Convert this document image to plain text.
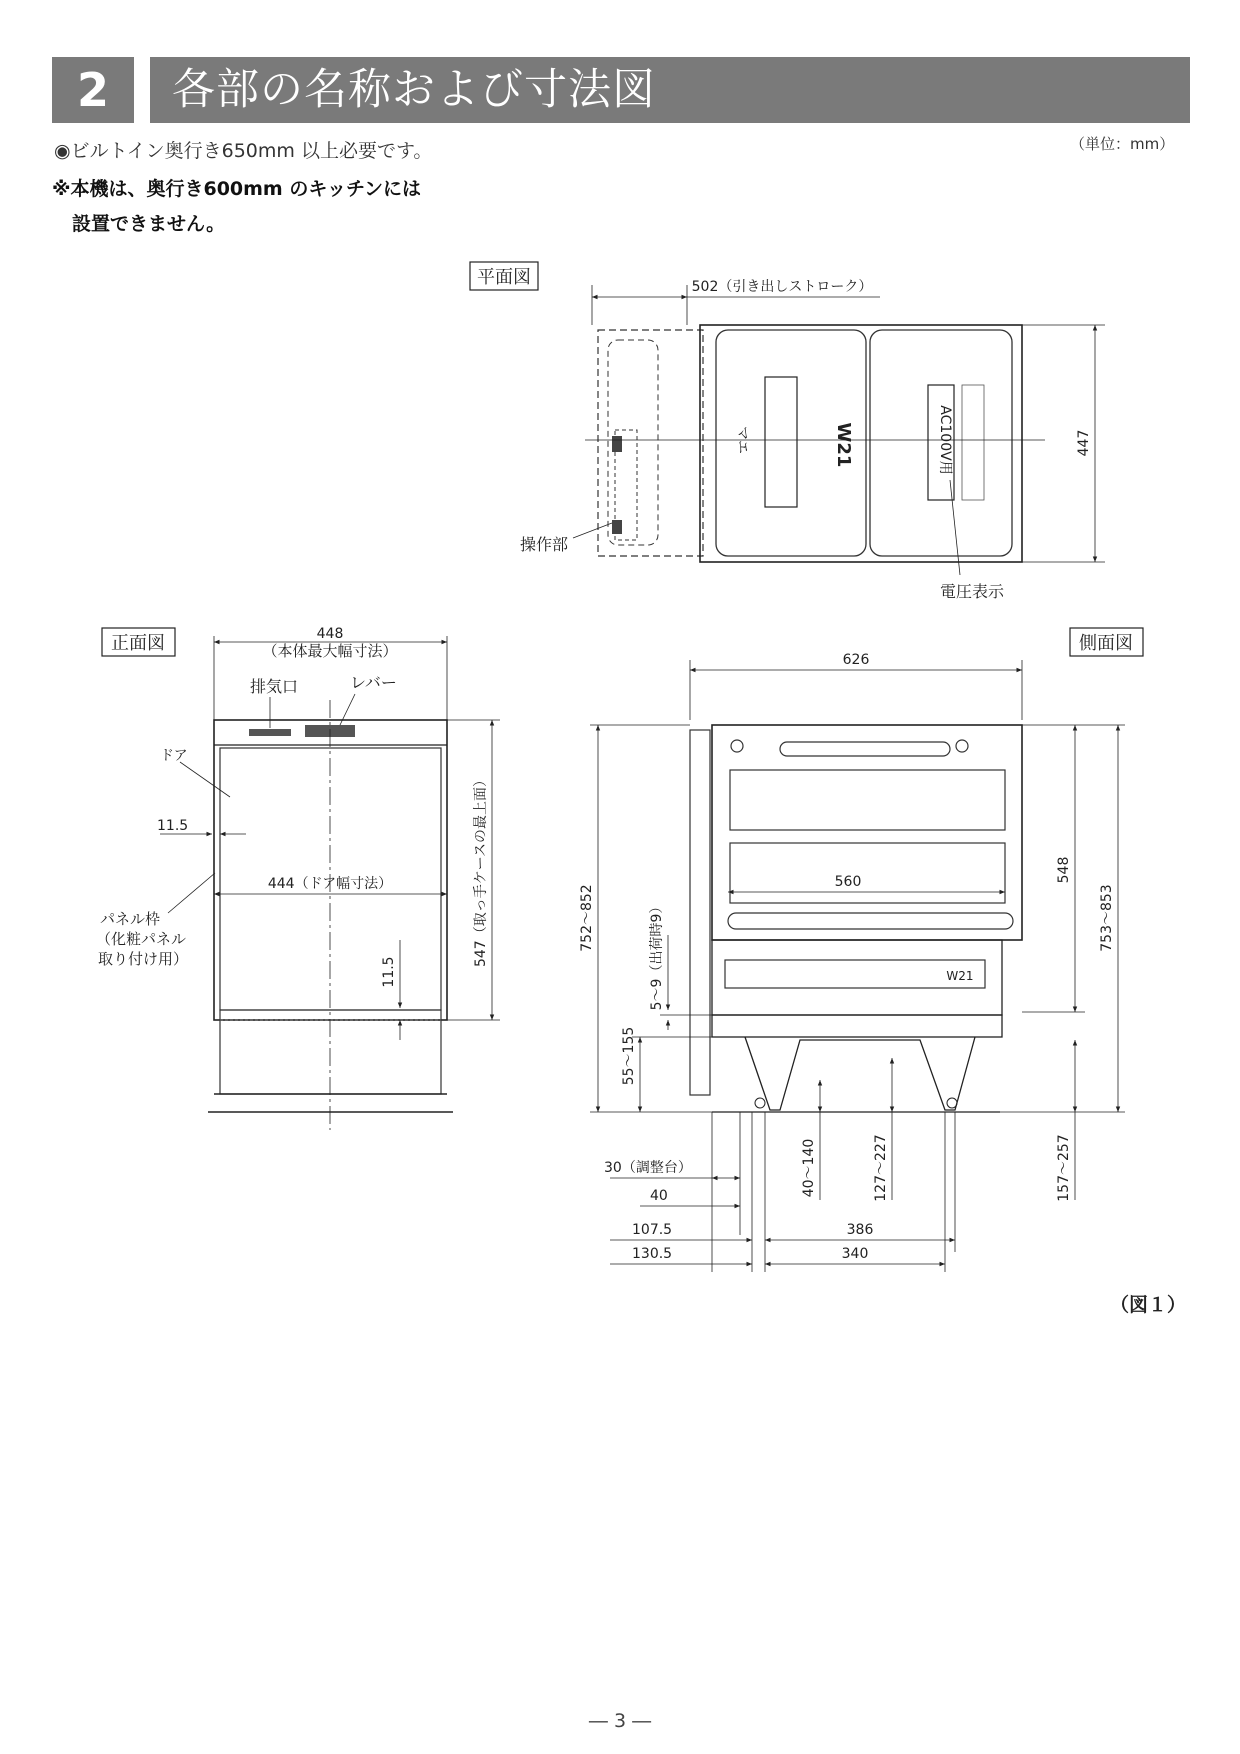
2	各部の名称および寸法図
◉ビルトイン奥行き650mm 以上必要です。	（単位：mm）
※本機は、奥行き600mm のキッチンには
設置できません。
平面図	502（引き出しストローク）
W21
マエ	AC100V用	447
操作部
電圧表示
正面図	448
（本体最大幅寸法）
排気口	レバー
ドア
11.5
444（ドア幅寸法）
パネル枠
（化粧パネル
取り付け用）	11.5
547（取っ手ケースの最上面）
側面図
626
W21
560
752〜852
548
753〜853
5〜9（出荷時9）
55〜155
40〜140	127〜227	157〜257
30（調整台）
40
107.5	386
130.5	340
（図１）
― 3 ―
